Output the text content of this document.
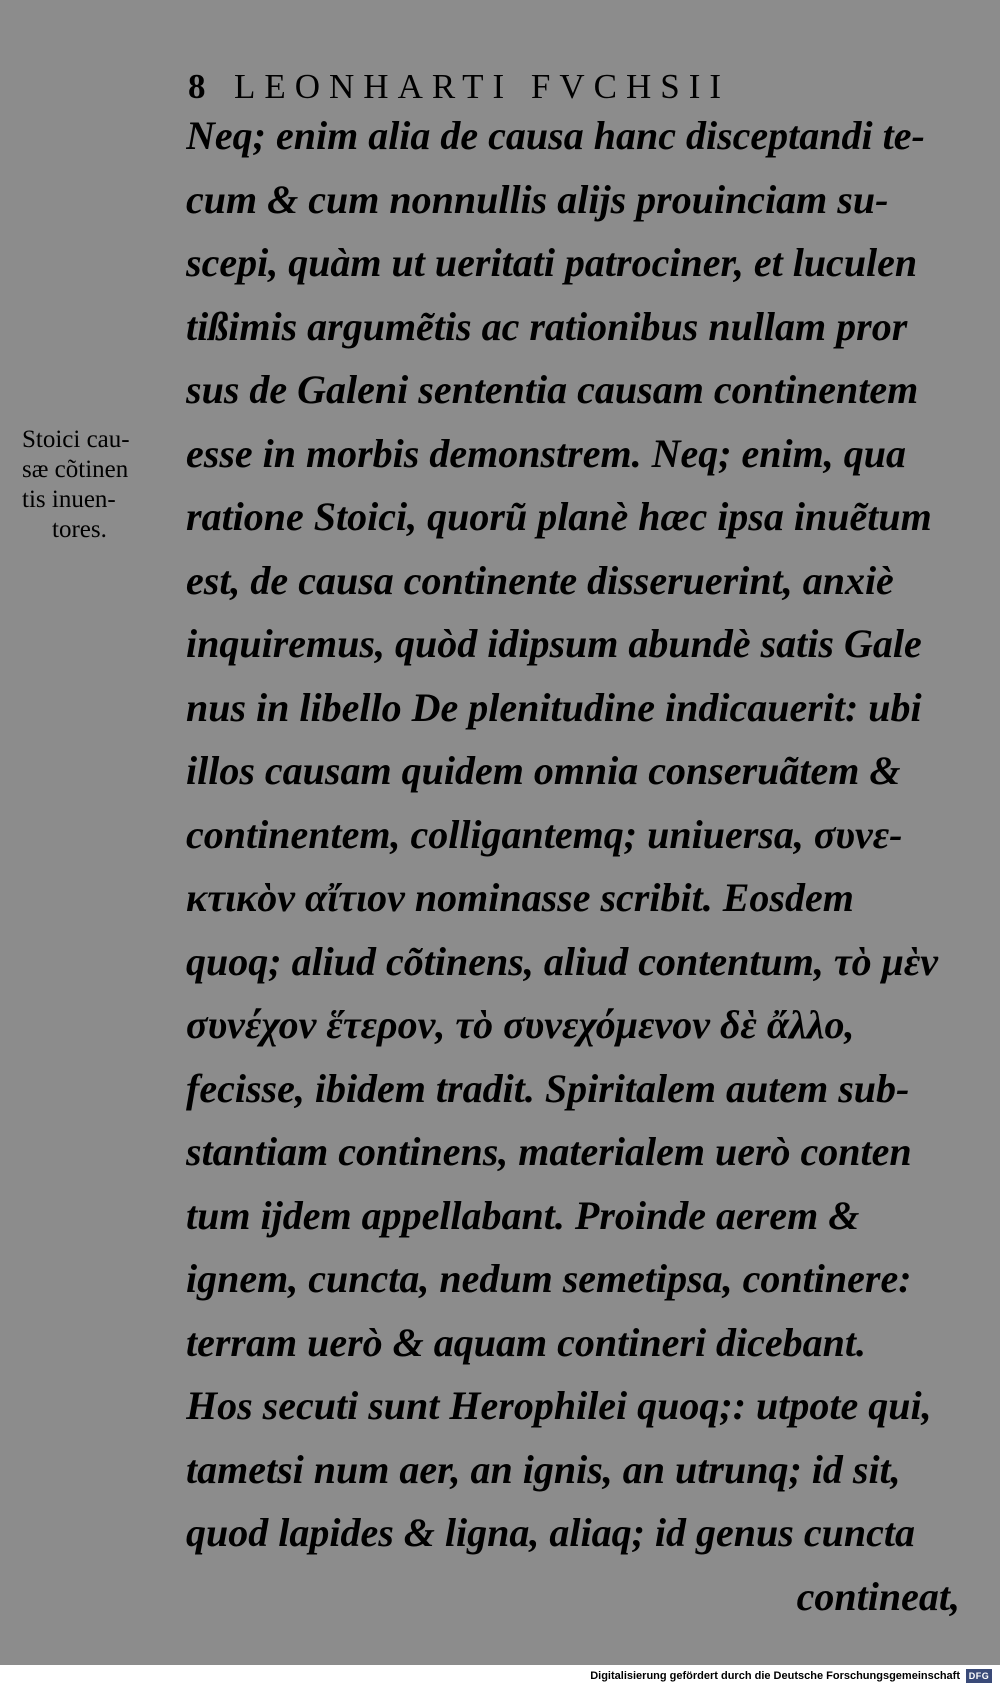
8 LEONHARTI FVCHSII
Stoici cau-
sæ cõtinen
tis inuen-
tores.
Neq; enim alia de causa hanc disceptandi te-
cum & cum nonnullis alijs prouinciam su-
scepi, quàm ut ueritati patrociner, et luculen
tißimis argumẽtis ac rationibus nullam pror
sus de Galeni sententia causam continentem
esse in morbis demonstrem. Neq; enim, qua
ratione Stoici, quorũ planè hæc ipsa inuẽtum
est, de causa continente disseruerint, anxiè
inquiremus, quòd idipsum abundè satis Gale
nus in libello De plenitudine indicauerit: ubi
illos causam quidem omnia conseruãtem &
continentem, colligantemq; uniuersa, συνε-
κτικὸν αἴτιον nominasse scribit. Eosdem
quoq; aliud cõtinens, aliud contentum, τὸ μὲν
συνέχον ἕτερον, τὸ συνεχόμενον δὲ ἄλλο,
fecisse, ibidem tradit. Spiritalem autem sub-
stantiam continens, materialem uerò conten
tum ijdem appellabant. Proinde aerem &
ignem, cuncta, nedum semetipsa, continere:
terram uerò & aquam contineri dicebant.
Hos secuti sunt Herophilei quoq;: utpote qui,
tametsi num aer, an ignis, an utrunq; id sit,
quod lapides & ligna, aliaq; id genus cuncta
contineat,
Digitalisierung gefördert durch die Deutsche Forschungsgemeinschaft DFG
